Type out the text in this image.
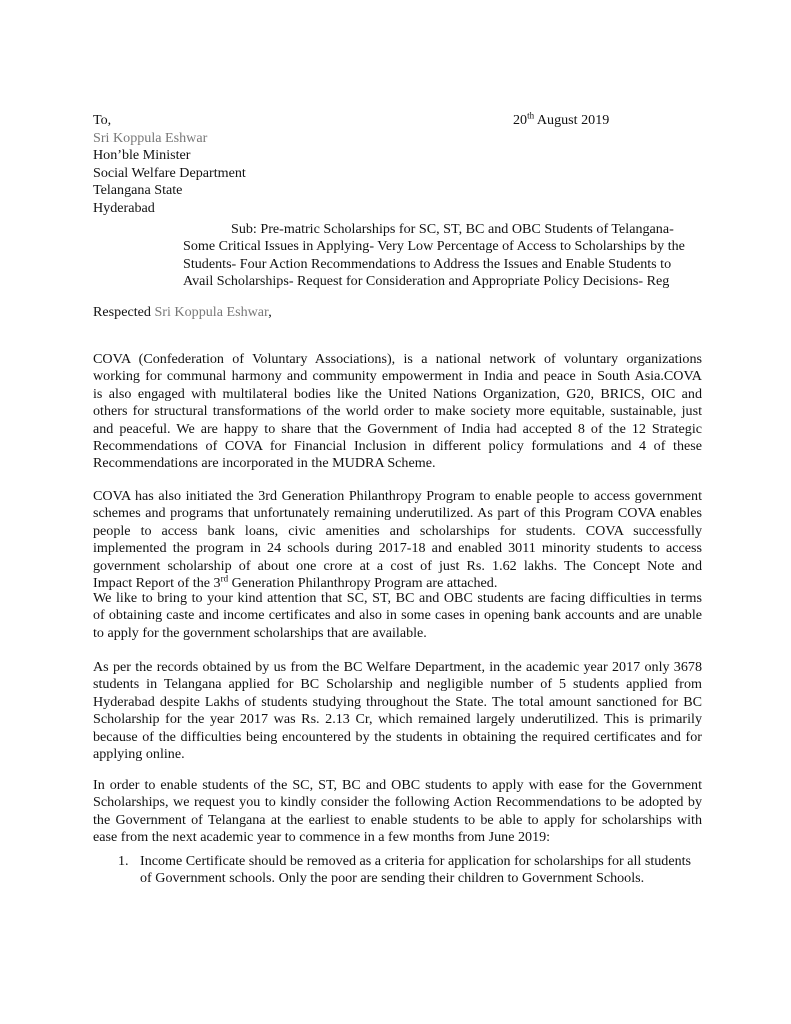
To,
Sri Koppula Eshwar
Hon’ble Minister
Social Welfare Department
Telangana State
Hyderabad
20th August 2019
Sub: Pre-matric Scholarships for SC, ST, BC and OBC Students of Telangana-
Some Critical Issues in Applying- Very Low Percentage of Access to Scholarships by the
Students- Four Action Recommendations to Address the Issues and Enable Students to
Avail Scholarships- Request for Consideration and Appropriate Policy Decisions- Reg
Respected Sri Koppula Eshwar,
COVA (Confederation of Voluntary Associations), is a national network of voluntary organizations
working for communal harmony and community empowerment in India and peace in South Asia.COVA
is also engaged with multilateral bodies like the United Nations Organization, G20, BRICS, OIC and
others for structural transformations of the world order to make society more equitable, sustainable, just
and peaceful. We are happy to share that the Government of India had accepted 8 of the 12 Strategic
Recommendations of COVA for Financial Inclusion in different policy formulations and 4 of these
Recommendations are incorporated in the MUDRA Scheme.
COVA has also initiated the 3rd Generation Philanthropy Program to enable people to access government
schemes and programs that unfortunately remaining underutilized. As part of this Program COVA enables
people to access bank loans, civic amenities and scholarships for students. COVA successfully
implemented the program in 24 schools during 2017-18 and enabled 3011 minority students to access
government scholarship of about one crore at a cost of just Rs. 1.62 lakhs. The Concept Note and
Impact Report of the 3rd Generation Philanthropy Program are attached.
We like to bring to your kind attention that SC, ST, BC and OBC students are facing difficulties in terms
of obtaining caste and income certificates and also in some cases in opening bank accounts and are unable
to apply for the government scholarships that are available.
As per the records obtained by us from the BC Welfare Department, in the academic year 2017 only 3678
students in Telangana applied for BC Scholarship and negligible number of 5 students applied from
Hyderabad despite Lakhs of students studying throughout the State. The total amount sanctioned for BC
Scholarship for the year 2017 was Rs. 2.13 Cr, which remained largely underutilized. This is primarily
because of the difficulties being encountered by the students in obtaining the required certificates and for
applying online.
In order to enable students of the SC, ST, BC and OBC students to apply with ease for the Government
Scholarships, we request you to kindly consider the following Action Recommendations to be adopted by
the Government of Telangana at the earliest to enable students to be able to apply for scholarships with
ease from the next academic year to commence in a few months from June 2019:
1. Income Certificate should be removed as a criteria for application for scholarships for all students
of Government schools. Only the poor are sending their children to Government Schools.
